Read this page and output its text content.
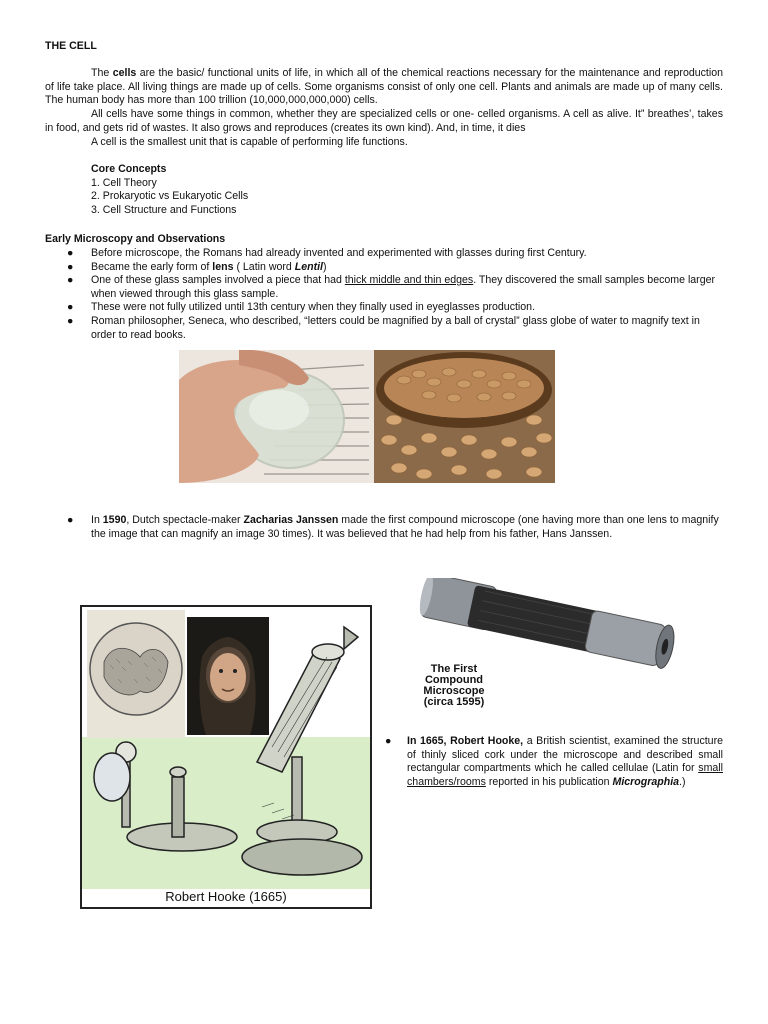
THE CELL
The cells are the basic/ functional units of life, in which all of the chemical reactions necessary for the maintenance and reproduction of life take place. All living things are made up of cells. Some organisms consist of only one cell. Plants and animals are made up of many cells. The human body has more than 100 trillion (10,000,000,000,000) cells.
All cells have some things in common, whether they are specialized cells or one- celled organisms. A cell as alive. It” breathes’, takes in food, and gets rid of wastes. It also grows and reproduces (creates its own kind). And, in time, it dies
A cell is the smallest unit that is capable of performing life functions.
Core Concepts
1. Cell Theory
2. Prokaryotic vs Eukaryotic Cells
3. Cell Structure and Functions
Early Microscopy and Observations
● Before microscope, the Romans had already invented and experimented with glasses during first Century.
● Became the early form of lens ( Latin word Lentil)
● One of these glass samples involved a piece that had thick middle and thin edges. They discovered the small samples become larger when viewed through this glass sample.
● These were not fully utilized until 13th century when they finally used in eyeglasses production.
● Roman philosopher, Seneca, who described, “letters could be magnified by a ball of crystal” glass globe of water to magnify text in order to read books.
● In 1590, Dutch spectacle-maker Zacharias Janssen made the first compound microscope (one having more than one lens to magnify the image that can magnify an image 30 times). It was believed that he had help from his father, Hans Janssen.
Robert Hooke (1665)
The First
Compound
Microscope
(circa 1595)
● In 1665, Robert Hooke, a British scientist, examined the structure of thinly sliced cork under the microscope and described small rectangular compartments which he called cellulae (Latin for small chambers/rooms reported in his publication Micrographia.)
